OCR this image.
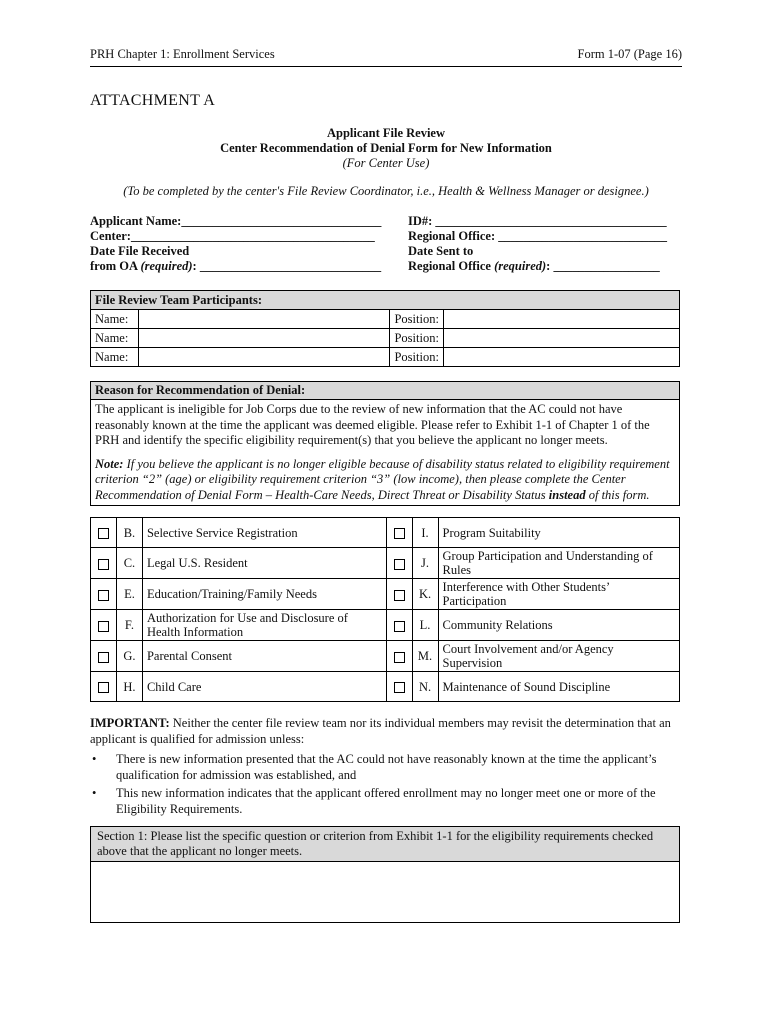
PRH Chapter 1: Enrollment Services	Form 1-07 (Page 16)
ATTACHMENT A
Applicant File Review
Center Recommendation of Denial Form for New Information
(For Center Use)
(To be completed by the center's File Review Coordinator, i.e., Health & Wellness Manager or designee.)
Applicant Name:________________________________ ID#: _____________________________________
Center:_______________________________________	Regional Office: ___________________________
Date File Received	Date Sent to
from OA (required): _____________________________ Regional Office (required): _________________
File Review Team Participants:			
Name:		Position:	
Name:		Position:	
Name:		Position:	
Reason for Recommendation of Denial:

The applicant is ineligible for Job Corps due to the review of new information that the AC could not have reasonably known at the time the applicant was deemed eligible. Please refer to Exhibit 1-1 of Chapter 1 of the PRH and identify the specific eligibility requirement(s) that you believe the applicant no longer meets.
Note: If you believe the applicant is no longer eligible because of disability status related to eligibility requirement criterion “2” (age) or eligibility requirement criterion “3” (low income), then please complete the Center Recommendation of Denial Form – Health-Care Needs, Direct Threat or Disability Status instead of this form.
	B.	Selective Service Registration		I.	Program Suitability
	C.	Legal U.S. Resident		J.	Group Participation and Understanding of Rules
	E.	Education/Training/Family Needs		K.	Interference with Other Students’ Participation
	F.	Authorization for Use and Disclosure of Health Information		L.	Community Relations
	G.	Parental Consent		M.	Court Involvement and/or Agency Supervision
	H.	Child Care		N.	Maintenance of Sound Discipline
IMPORTANT: Neither the center file review team nor its individual members may revisit the determination that an applicant is qualified for admission unless:
• There is new information presented that the AC could not have reasonably known at the time the applicant’s qualification for admission was established, and
• This new information indicates that the applicant offered enrollment may no longer meet one or more of the Eligibility Requirements.
Section 1: Please list the specific question or criterion from Exhibit 1-1 for the eligibility requirements checked above that the applicant no longer meets.
